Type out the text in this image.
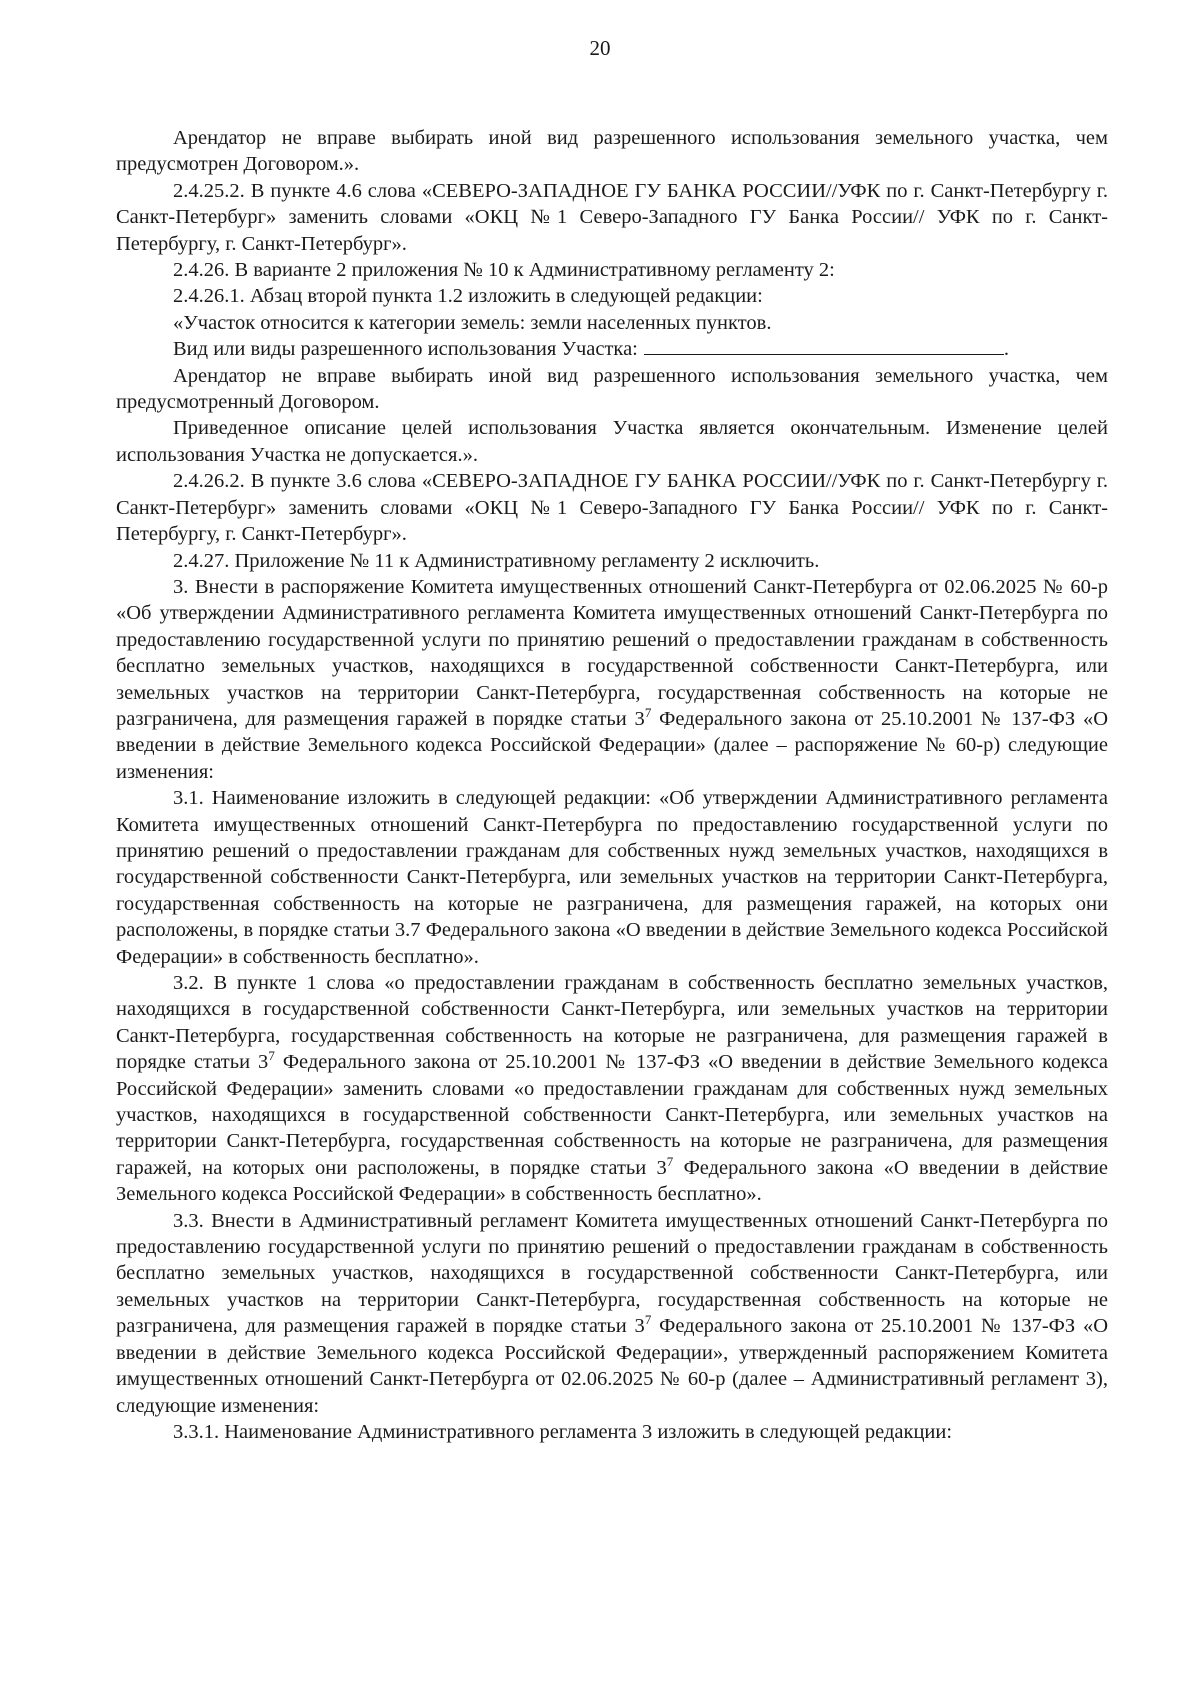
20

Арендатор не вправе выбирать иной вид разрешенного использования земельного участка, чем предусмотрен Договором.».

2.4.25.2. В пункте 4.6 слова «СЕВЕРО-ЗАПАДНОЕ ГУ БАНКА РОССИИ//УФК по г. Санкт-Петербургу г. Санкт-Петербург» заменить словами «ОКЦ №1 Северо-Западного ГУ Банка России// УФК по г. Санкт-Петербургу, г. Санкт-Петербург».

2.4.26. В варианте 2 приложения № 10 к Административному регламенту 2:

2.4.26.1. Абзац второй пункта 1.2 изложить в следующей редакции:

«Участок относится к категории земель: земли населенных пунктов.

Вид или виды разрешенного использования Участка:	.

Арендатор не вправе выбирать иной вид разрешенного использования земельного участка, чем предусмотренный Договором.

Приведенное описание целей использования Участка является окончательным. Изменение целей использования Участка не допускается.».

2.4.26.2. В пункте 3.6 слова «СЕВЕРО-ЗАПАДНОЕ ГУ БАНКА РОССИИ//УФК по г. Санкт-Петербургу г. Санкт-Петербург» заменить словами «ОКЦ №1 Северо-Западного ГУ Банка России// УФК по г. Санкт-Петербургу, г. Санкт-Петербург».

2.4.27. Приложение № 11 к Административному регламенту 2 исключить.

3. Внести в распоряжение Комитета имущественных отношений Санкт-Петербурга от 02.06.2025 № 60-р «Об утверждении Административного регламента Комитета имущественных отношений Санкт-Петербурга по предоставлению государственной услуги по принятию решений о предоставлении гражданам в собственность бесплатно земельных участков, находящихся в государственной собственности Санкт-Петербурга, или земельных участков на территории Санкт-Петербурга, государственная собственность на которые не разграничена, для размещения гаражей в порядке статьи $3^7$ Федерального закона от 25.10.2001 № 137-ФЗ «О введении в действие Земельного кодекса Российской Федерации» (далее – распоряжение № 60-р) следующие изменения:

3.1. Наименование изложить в следующей редакции: «Об утверждении Административного регламента Комитета имущественных отношений Санкт-Петербурга по предоставлению государственной услуги по принятию решений о предоставлении гражданам для собственных нужд земельных участков, находящихся в государственной собственности Санкт-Петербурга, или земельных участков на территории Санкт-Петербурга, государственная собственность на которые не разграничена, для размещения гаражей, на которых они расположены, в порядке статьи 3.7 Федерального закона «О введении в действие Земельного кодекса Российской Федерации» в собственность бесплатно».

3.2. В пункте 1 слова «о предоставлении гражданам в собственность бесплатно земельных участков, находящихся в государственной собственности Санкт-Петербурга, или земельных участков на территории Санкт-Петербурга, государственная собственность на которые не разграничена, для размещения гаражей в порядке статьи $3^7$ Федерального закона от 25.10.2001 № 137-ФЗ «О введении в действие Земельного кодекса Российской Федерации» заменить словами «о предоставлении гражданам для собственных нужд земельных участков, находящихся в государственной собственности Санкт-Петербурга, или земельных участков на территории Санкт-Петербурга, государственная собственность на которые не разграничена, для размещения гаражей, на которых они расположены, в порядке статьи $3^7$ Федерального закона «О введении в действие Земельного кодекса Российской Федерации» в собственность бесплатно».

3.3. Внести в Административный регламент Комитета имущественных отношений Санкт-Петербурга по предоставлению государственной услуги по принятию решений о предоставлении гражданам в собственность бесплатно земельных участков, находящихся в государственной собственности Санкт-Петербурга, или земельных участков на территории Санкт-Петербурга, государственная собственность на которые не разграничена, для размещения гаражей в порядке статьи $3^7$ Федерального закона от 25.10.2001 № 137-ФЗ «О введении в действие Земельного кодекса Российской Федерации», утвержденный распоряжением Комитета имущественных отношений Санкт-Петербурга от 02.06.2025 № 60-р (далее – Административный регламент 3), следующие изменения:

3.3.1. Наименование Административного регламента 3 изложить в следующей редакции:
